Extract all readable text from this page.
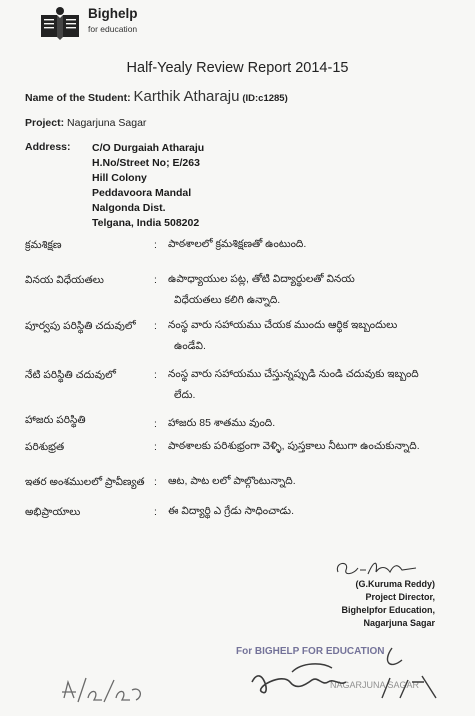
Bighelp
for education
Half-Yealy Review Report 2014-15
Name of the Student: Karthik Atharaju (ID:c1285)
Project: Nagarjuna Sagar
Address: C/O Durgaiah Atharaju
H.No/Street No; E/263
Hill Colony
Peddavoora Mandal
Nalgonda Dist.
Telgana, India 508202
క్రమశిక్షణ	: పాఠశాలలో క్రమశిక్షణతో ఉంటుంది.
వినయ విధేయతలు	: ఉపాధ్యాయుల పట్ల, తోటి విద్యార్థులతో వినయ
విధేయతలు కలిగి ఉన్నాది.
పూర్వపు పరిస్థితి చదువులో : నంస్థ వారు సహాయము చేయక ముందు ఆర్థిక ఇబ్బందులు
ఉండేవి.
నేటి పరిస్థితి చదువులో	: నంస్థ వారు సహాయము చేస్తున్నప్పుడి నుండి చదువుకు ఇబ్బంది
లేదు.
హాజరు పరిస్థితి	: హాజరు 85 శాతము వుంది.
పరిశుభ్రత	: పాఠశాలకు పరిశుభ్రంగా వెళ్ళి, పుస్తకాలు నీటుగా ఉంచుకున్నాది.
ఇతర అంశములలో ప్రావీణ్యత : ఆట, పాట లలో పాల్గొంటున్నాది.
అభిప్రాయాలు	: ఈ విద్యార్థి ఎ గ్రేడు సాధించాడు.
(G.Kuruma Reddy)
Project Director,
Bighelpfor Education,
Nagarjuna Sagar
For BIGHELP FOR EDUCATION
NAGARJUNA SAGAR
